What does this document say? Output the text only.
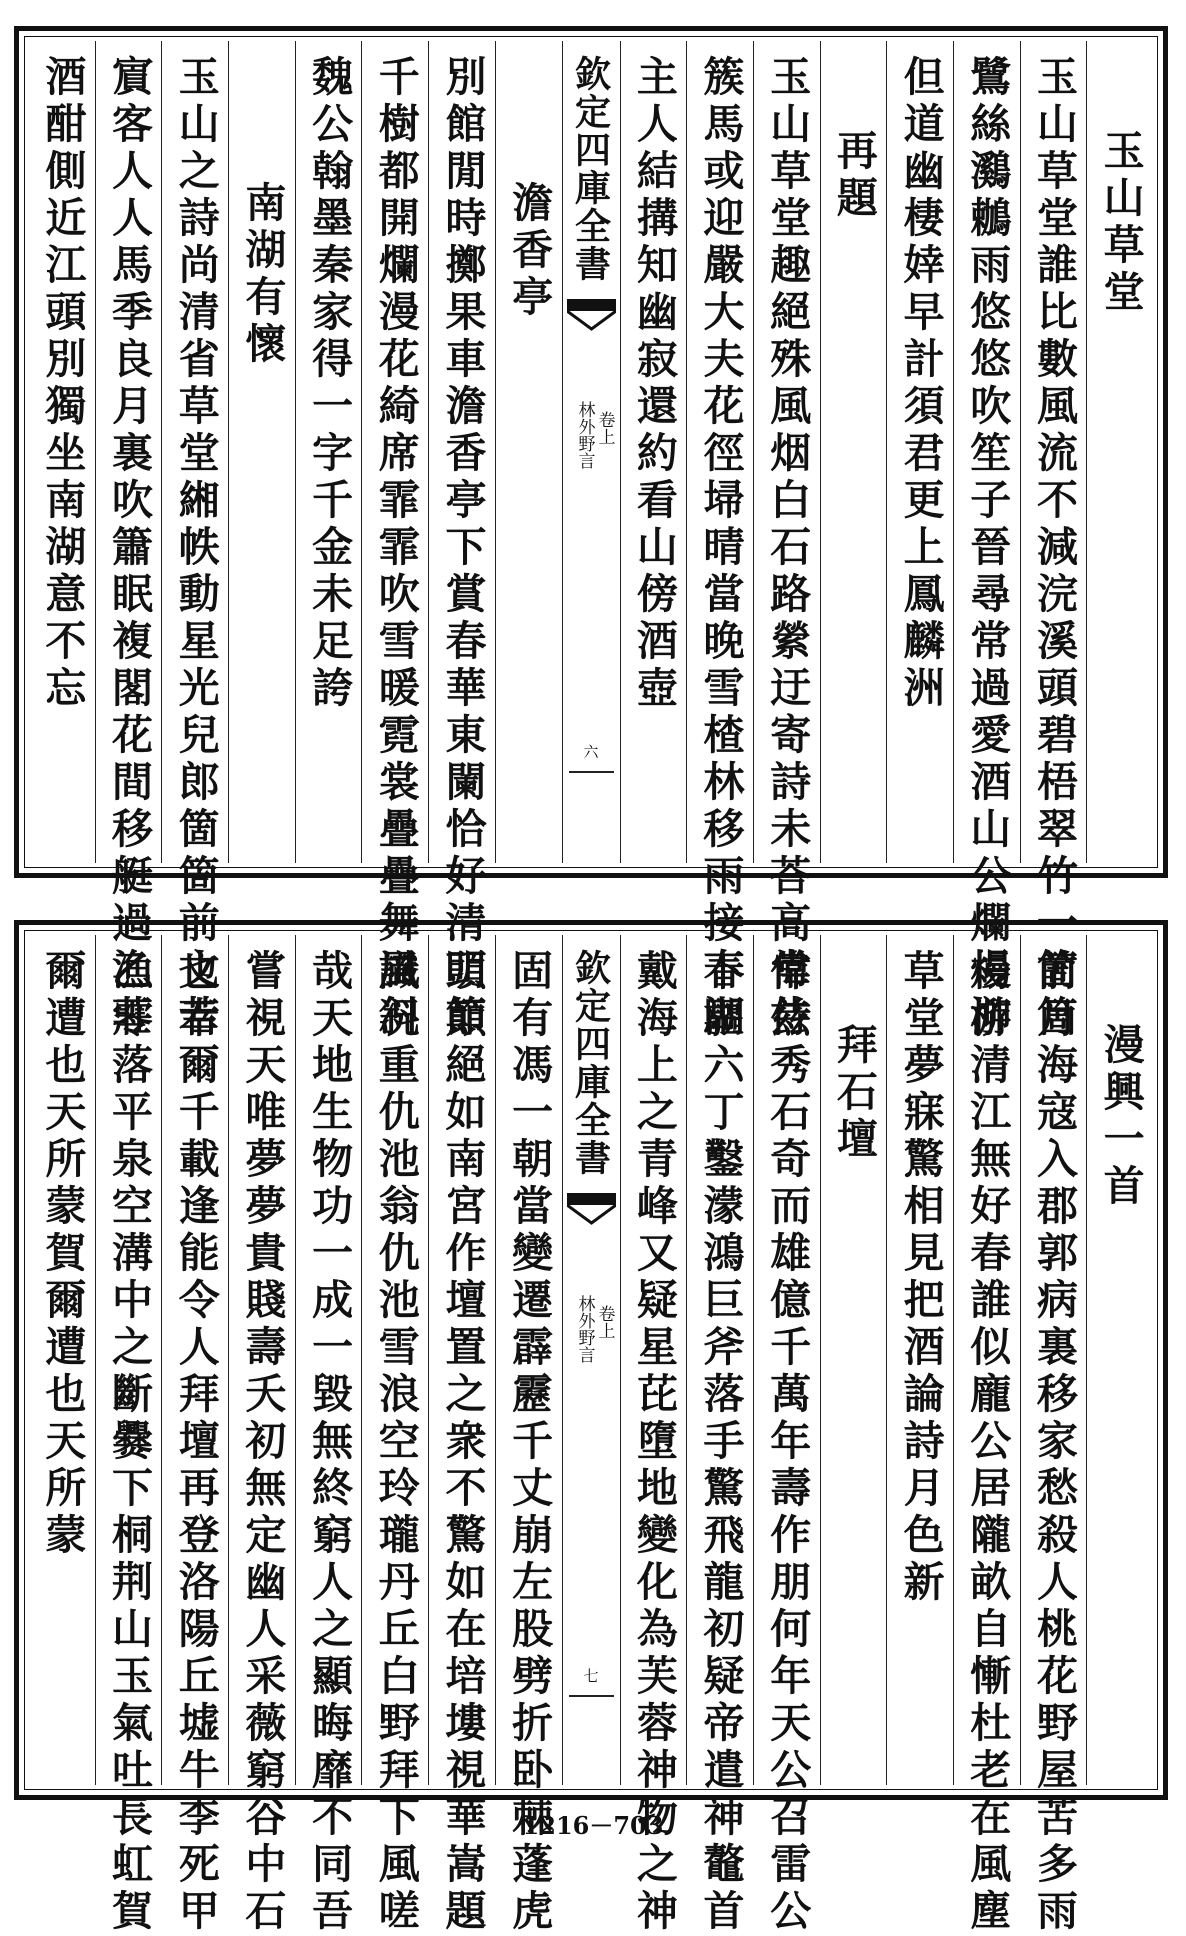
玉山草堂
玉山草堂誰比數風流不減浣溪頭碧梧翠竹一箇箇
鷺絲鸂鶒雨悠悠吹笙子晉尋常過愛酒山公爛熳游
但道幽棲婞早計須君更上鳳麟洲
再題
玉山草堂趣絕殊風烟白石路縈迂寄詩未荅高常侍
簇馬或迎嚴大夫花徑埽晴當晚雪楂林移雨接春湖
主人結搆知幽寂還約看山傍酒壺
欽定四庫全書
林外野言 卷上
六
澹香亭
別館閒時擲果車澹香亭下賞春華東闌恰好清明節
千樹都開爛漫花綺席霏霏吹雪暖霓裳疊疊舞風斜
魏公翰墨秦家得一字千金未足誇
南湖有懷
玉山之詩尚清省草堂緗帙動星光兒郎箇箇前文若
賔客人人馬季良月裏吹簫眠複閣花間移艇過漁莊
酒酣側近江頭別獨坐南湖意不忘
漫興一首
前月海寇入郡郭病裏移家愁殺人桃花野屋苦多雨
楊柳清江無好春誰似龐公居隴畝自慚杜老在風塵
草堂夢寐驚相見把酒論詩月色新
拜石壇
偉兹秀石奇而雄億千萬年壽作朋何年天公召雷公
下驅六丁鑿濛鴻巨斧落手驚飛龍初疑帝遣神鼇首
戴海上之青峰又疑星芘墮地變化為芙蓉神物之神
欽定四庫全書
林外野言 卷上
七
固有馮一朝當變遷霹靂千丈崩左股劈折卧棘蓬虎
頭顛絕如南宮作壇置之衆不驚如在培塿視華嵩題
識况重仇池翁仇池雪浪空玲瓏丹丘白野拜下風嗟
哉天地生物功一成一毀無終窮人之顯晦靡不同吾
嘗視天唯夢夢貴賤壽夭初無定幽人采薇窮谷中石
也幸爾千載逢能令人拜壇再登洛陽丘墟牛李死甲
乙零落平泉空溝中之斷爨下桐荆山玉氣吐長虹賀
爾遭也天所蒙賀爾遭也天所蒙
1216－703
